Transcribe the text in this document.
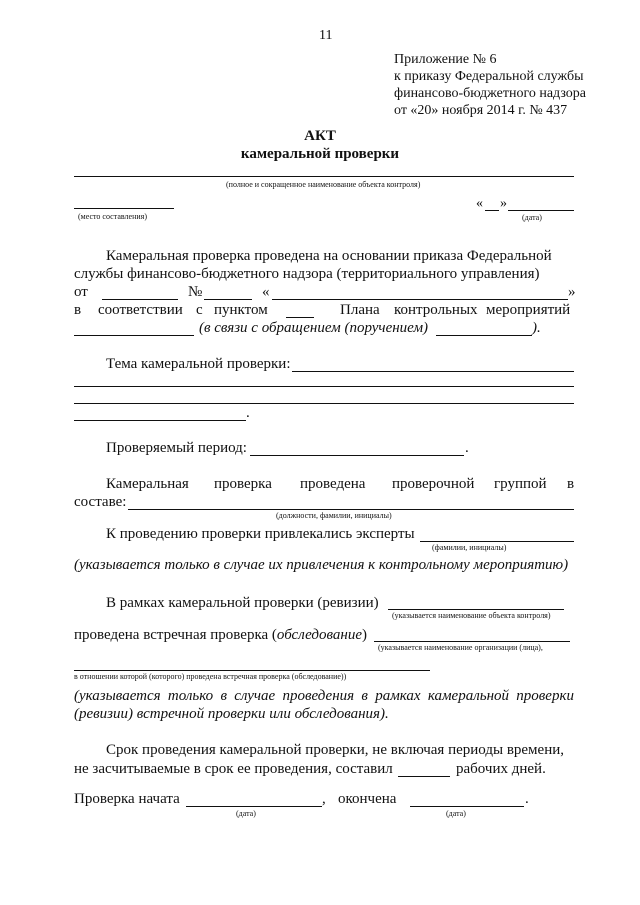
11
Приложение № 6
к приказу Федеральной службы
финансово-бюджетного надзора
от «20» ноября 2014 г. № 437
АКТ
камеральной проверки
(полное и сокращенное наименование объекта контроля)
(место составления)
« »
(дата)
Камеральная проверка проведена на основании приказа Федеральной
службы финансово-бюджетного надзора (территориального управления)
от	№	«	»
в соответствии с пунктом	Плана контрольных мероприятий
(в связи с обращением (поручением)	).
Тема камеральной проверки:
.
Проверяемый период:	.
Камеральная проверка проведена проверочной группой в
составе:
(должности, фамилии, инициалы)
К проведению проверки привлекались эксперты
(фамилии, инициалы)
(указывается только в случае их привлечения к контрольному мероприятию)
В рамках камеральной проверки (ревизии)
(указывается наименование объекта контроля)
проведена встречная проверка (обследование)
(указывается наименование организации (лица),
в отношении которой (которого) проведена встречная проверка (обследование))
(указывается только в случае проведения в рамках камеральной проверки
(ревизии) встречной проверки или обследования).
Срок проведения камеральной проверки, не включая периоды времени,
не засчитываемые в срок ее проведения, составил	рабочих дней.
Проверка начата	, окончена	.
(дата)	(дата)
